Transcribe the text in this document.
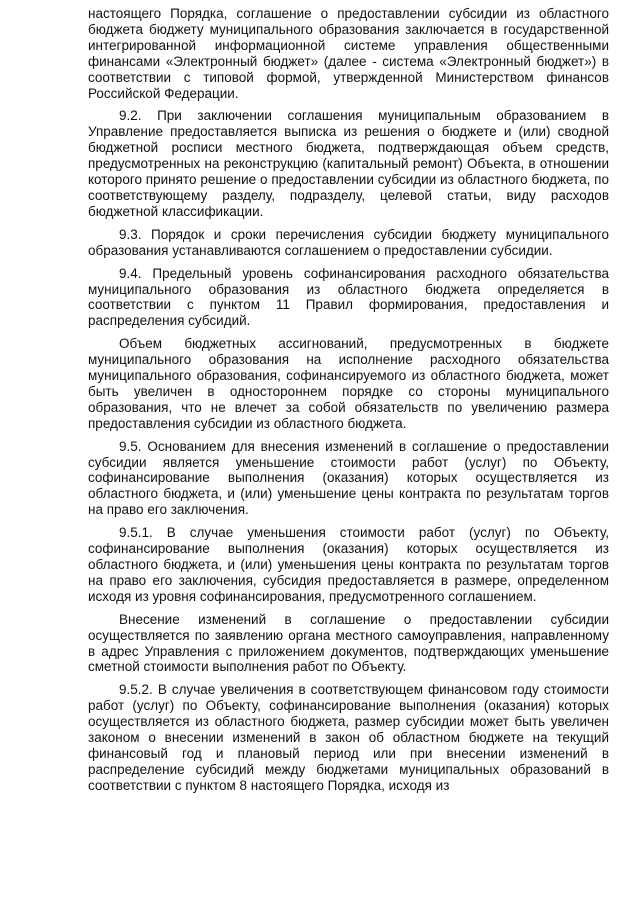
настоящего Порядка, соглашение о предоставлении субсидии из областного бюджета бюджету муниципального образования заключается в государственной интегрированной информационной системе управления общественными финансами «Электронный бюджет» (далее - система «Электронный бюджет») в соответствии с типовой формой, утвержденной Министерством финансов Российской Федерации.

9.2. При заключении соглашения муниципальным образованием в Управление предоставляется выписка из решения о бюджете и (или) сводной бюджетной росписи местного бюджета, подтверждающая объем средств, предусмотренных на реконструкцию (капитальный ремонт) Объекта, в отношении которого принято решение о предоставлении субсидии из областного бюджета, по соответствующему разделу, подразделу, целевой статьи, виду расходов бюджетной классификации.

9.3. Порядок и сроки перечисления субсидии бюджету муниципального образования устанавливаются соглашением о предоставлении субсидии.

9.4. Предельный уровень софинансирования расходного обязательства муниципального образования из областного бюджета определяется в соответствии с пунктом 11 Правил формирования, предоставления и распределения субсидий.

Объем бюджетных ассигнований, предусмотренных в бюджете муниципального образования на исполнение расходного обязательства муниципального образования, софинансируемого из областного бюджета, может быть увеличен в одностороннем порядке со стороны муниципального образования, что не влечет за собой обязательств по увеличению размера предоставления субсидии из областного бюджета.

9.5. Основанием для внесения изменений в соглашение о предоставлении субсидии является уменьшение стоимости работ (услуг) по Объекту, софинансирование выполнения (оказания) которых осуществляется из областного бюджета, и (или) уменьшение цены контракта по результатам торгов на право его заключения.

9.5.1. В случае уменьшения стоимости работ (услуг) по Объекту, софинансирование выполнения (оказания) которых осуществляется из областного бюджета, и (или) уменьшения цены контракта по результатам торгов на право его заключения, субсидия предоставляется в размере, определенном исходя из уровня софинансирования, предусмотренного соглашением.

Внесение изменений в соглашение о предоставлении субсидии осуществляется по заявлению органа местного самоуправления, направленному в адрес Управления с приложением документов, подтверждающих уменьшение сметной стоимости выполнения работ по Объекту.

9.5.2. В случае увеличения в соответствующем финансовом году стоимости работ (услуг) по Объекту, софинансирование выполнения (оказания) которых осуществляется из областного бюджета, размер субсидии может быть увеличен законом о внесении изменений в закон об областном бюджете на текущий финансовый год и плановый период или при внесении изменений в распределение субсидий между бюджетами муниципальных образований в соответствии с пунктом 8 настоящего Порядка, исходя из
